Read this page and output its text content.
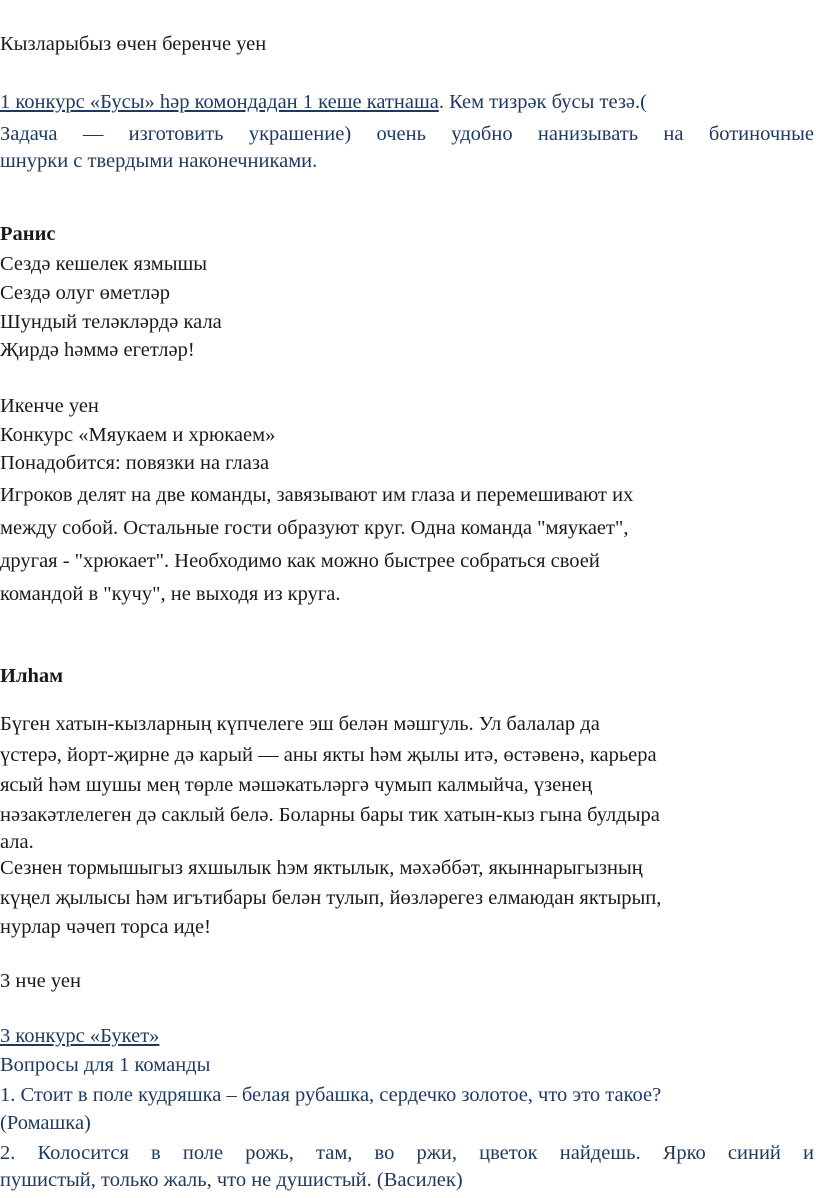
Кызларыбыз өчен беренче уен
1 конкурс «Бусы» һәр комондадан 1 кеше катнаша. Кем тизрәк бусы тезә.(
Задача — изготовить украшение) очень удобно нанизывать на ботиночные
шнурки с твердыми наконечниками.
Ранис
Сездә кешелек язмышы
Сездә олуг өметләр
Шундый теләкләрдә кала
Җирдә һәммә егетләр!
Икенче уен
Конкурс «Мяукаем и хрюкаем»
Понадобится: повязки на глаза
Игроков делят на две команды, завязывают им глаза и перемешивают их
между собой. Остальные гости образуют круг. Одна команда "мяукает",
другая - "хрюкает". Необходимо как можно быстрее собраться своей
командой в "кучу", не выходя из круга.
Илһам
Бүген хатын-кызларның күпчелеге эш белән мәшгуль. Ул балалар да
үстерә, йорт-җирне дә карый — аны якты һәм җылы итә, өстәвенә, карьера
ясый һәм шушы мең төрле мәшәкатьләргә чумып калмыйча, үзенең
нәзакәтлелеген дә саклый белә. Боларны бары тик хатын-кыз гына булдыра
ала.
Сезнен тормышыгыз яхшылык һэм яктылык, мәхәббәт, якыннарыгызның
күңел җылысы һәм игътибары белән тулып, йөзләрегез елмаюдан яктырып,
нурлар чәчеп торса иде!
3 нче уен
3 конкурс «Букет»
Вопросы для 1 команды
1. Стоит в поле кудряшка – белая рубашка, сердечко золотое, что это такое?
(Ромашка)
2. Колосится в поле рожь, там, во ржи, цветок найдешь. Ярко синий и
пушистый, только жаль, что не душистый. (Василек)
